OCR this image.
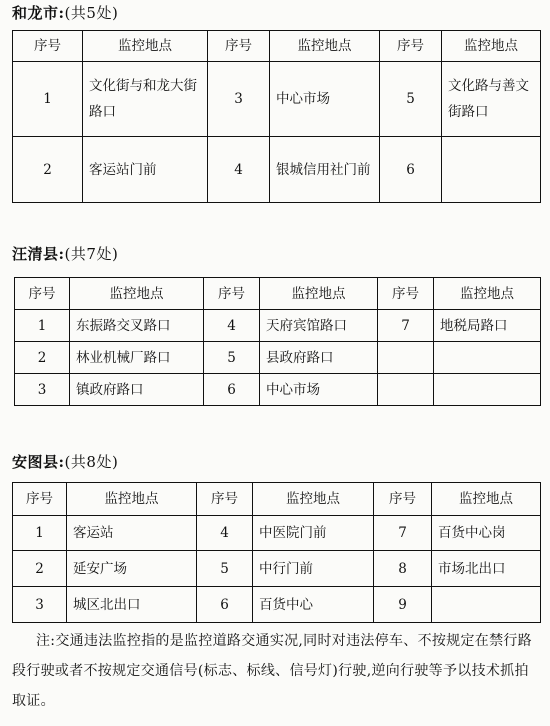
和龙市:(共5处)
序号	监控地点	序号	监控地点	序号	监控地点
1	文化街与和龙大街路口	3	中心市场	5	文化路与善文街路口
2	客运站门前	4	银城信用社门前	6	
汪清县:(共7处)
序号	监控地点	序号	监控地点	序号	监控地点
1	东振路交叉路口	4	天府宾馆路口	7	地税局路口
2	林业机械厂路口	5	县政府路口		
3	镇政府路口	6	中心市场		
安图县:(共8处)
序号	监控地点	序号	监控地点	序号	监控地点
1	客运站	4	中医院门前	7	百货中心岗
2	延安广场	5	中行门前	8	市场北出口
3	城区北出口	6	百货中心	9	
注:交通违法监控指的是监控道路交通实况,同时对违法停车、不按规定在禁行路段行驶或者不按规定交通信号(标志、标线、信号灯)行驶,逆向行驶等予以技术抓拍取证。
